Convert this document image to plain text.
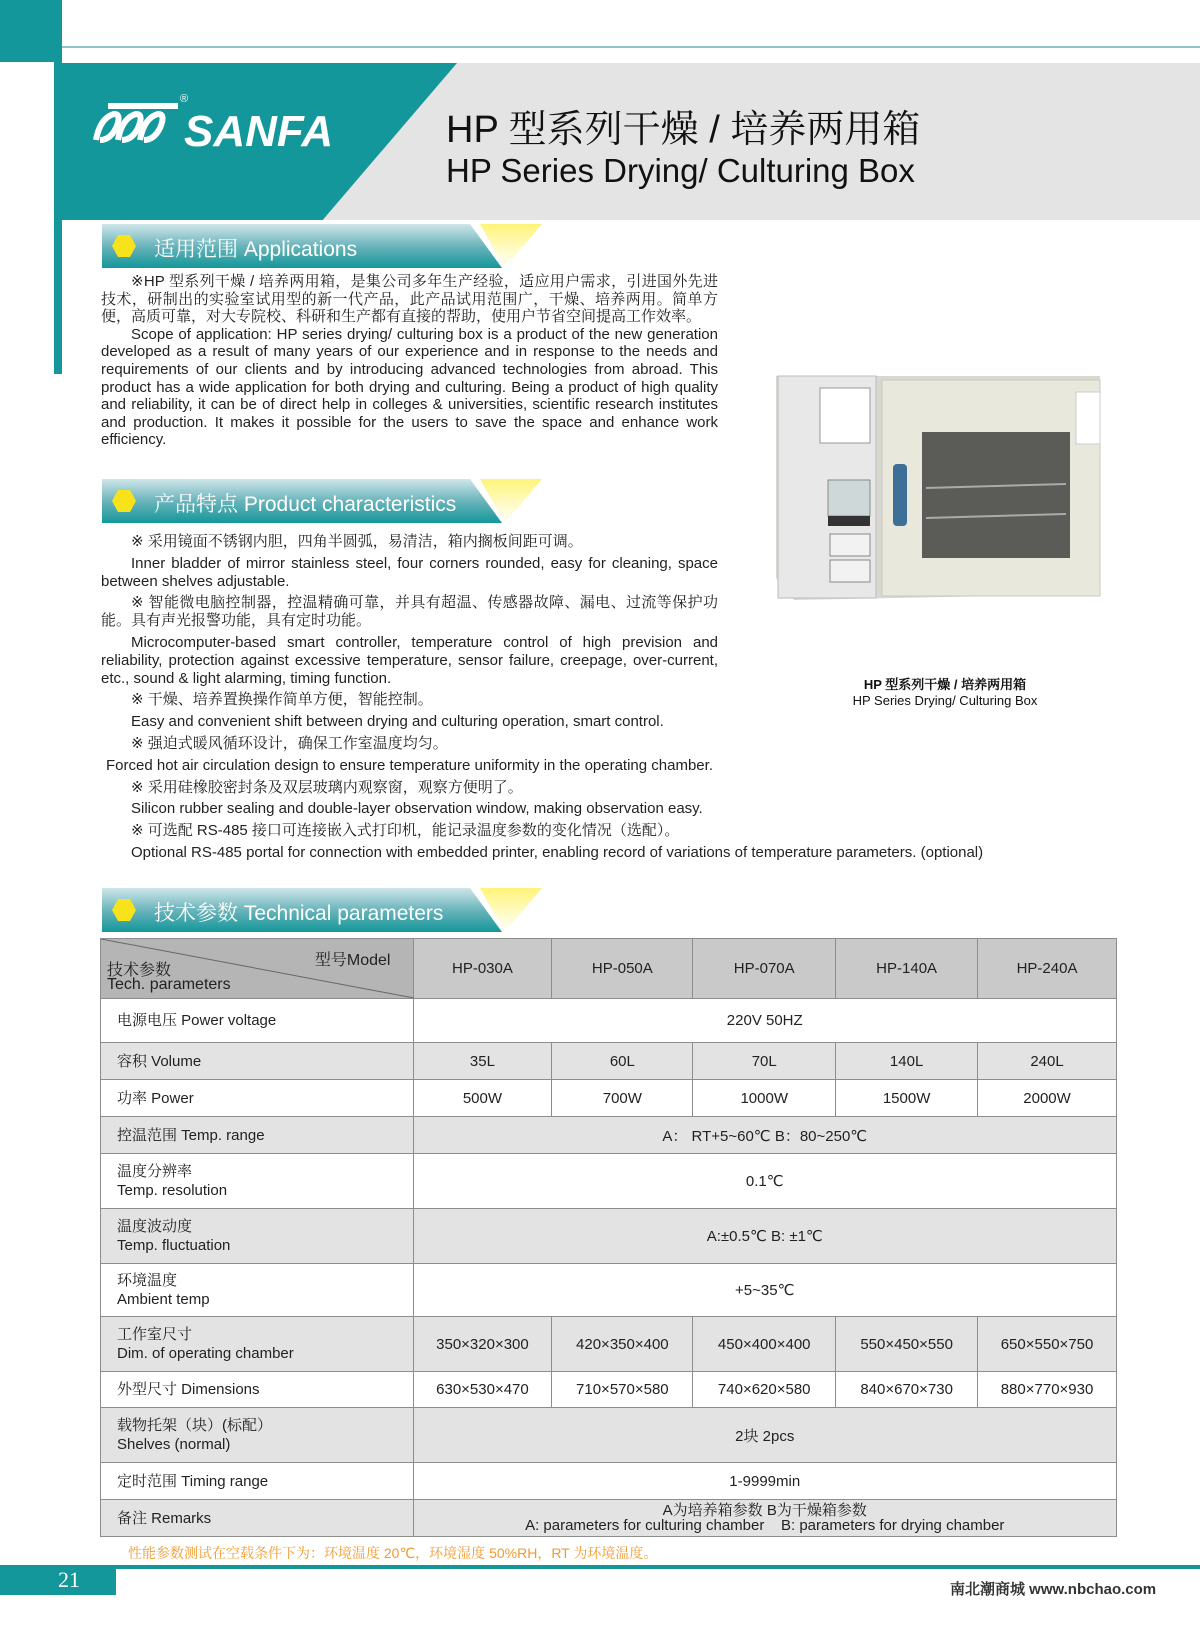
SANFA
®
HP 型系列干燥 / 培养两用箱
HP Series Drying/ Culturing Box
适用范围 Applications

※HP 型系列干燥 / 培养两用箱，是集公司多年生产经验，适应用户需求，引进国外先进技术，研制出的实验室试用型的新一代产品，此产品试用范围广，干燥、培养两用。简单方便，高质可靠，对大专院校、科研和生产都有直接的帮助，使用户节省空间提高工作效率。

Scope of application: HP series drying/ culturing box is a product of the new generation developed as a result of many years of our experience and in response to the needs and requirements of our clients and by introducing advanced technologies from abroad. This product has a wide application for both drying and culturing. Being a product of high quality and reliability, it can be of direct help in colleges & universities, scientific research institutes and production. It makes it possible for the users to save the space and enhance work efficiency.

产品特点 Product characteristics

※ 采用镜面不锈钢内胆，四角半圆弧，易清洁，箱内搁板间距可调。

Inner bladder of mirror stainless steel, four corners rounded, easy for cleaning, space between shelves adjustable.

※ 智能微电脑控制器，控温精确可靠，并具有超温、传感器故障、漏电、过流等保护功能。具有声光报警功能，具有定时功能。

Microcomputer-based smart controller, temperature control of high prevision and reliability, protection against excessive temperature, sensor failure, creepage, over-current, etc., sound & light alarming, timing function.

※ 干燥、培养置换操作简单方便，智能控制。

Easy and convenient shift between drying and culturing operation, smart control.

※ 强迫式暖风循环设计，确保工作室温度均匀。

Forced hot air circulation design to ensure temperature uniformity in the operating chamber.

※ 采用硅橡胶密封条及双层玻璃内观察窗，观察方便明了。

Silicon rubber sealing and double-layer observation window, making observation easy.

※ 可选配 RS-485 接口可连接嵌入式打印机，能记录温度参数的变化情况（选配）。

Optional RS-485 portal for connection with embedded printer, enabling record of variations of temperature parameters. (optional)

HP 型系列干燥 / 培养两用箱
HP Series Drying/ Culturing Box
技术参数 Technical parameters
型号Model
技术参数
Tech. parameters	HP-030A	HP-050A	HP-070A	HP-140A	HP-240A
电源电压 Power voltage	220V 50HZ				
容积 Volume	35L	60L	70L	140L	240L
功率 Power	500W	700W	1000W	1500W	2000W
控温范围 Temp. range	A： RT+5~60℃ B：80~250℃				

温度分辨率
Temp. resolution	0.1℃				

温度波动度
Temp. fluctuation	A:±0.5℃ B: ±1℃				

环境温度
Ambient temp	+5~35℃				

工作室尺寸
Dim. of operating chamber	350×320×300	420×350×400	450×400×400	550×450×550	650×550×750
外型尺寸 Dimensions	630×530×470	710×570×580	740×620×580	840×670×730	880×770×930

载物托架（块）(标配）
Shelves (normal)	2块 2pcs				
定时范围 Timing range	1-9999min				
备注 Remarks	A为培养箱参数 B为干燥箱参数
A: parameters for culturing chamber    B: parameters for drying chamber				
性能参数测试在空载条件下为：环境温度 20℃，环境湿度 50%RH，RT 为环境温度。
21	南北潮商城 www.nbchao.com
